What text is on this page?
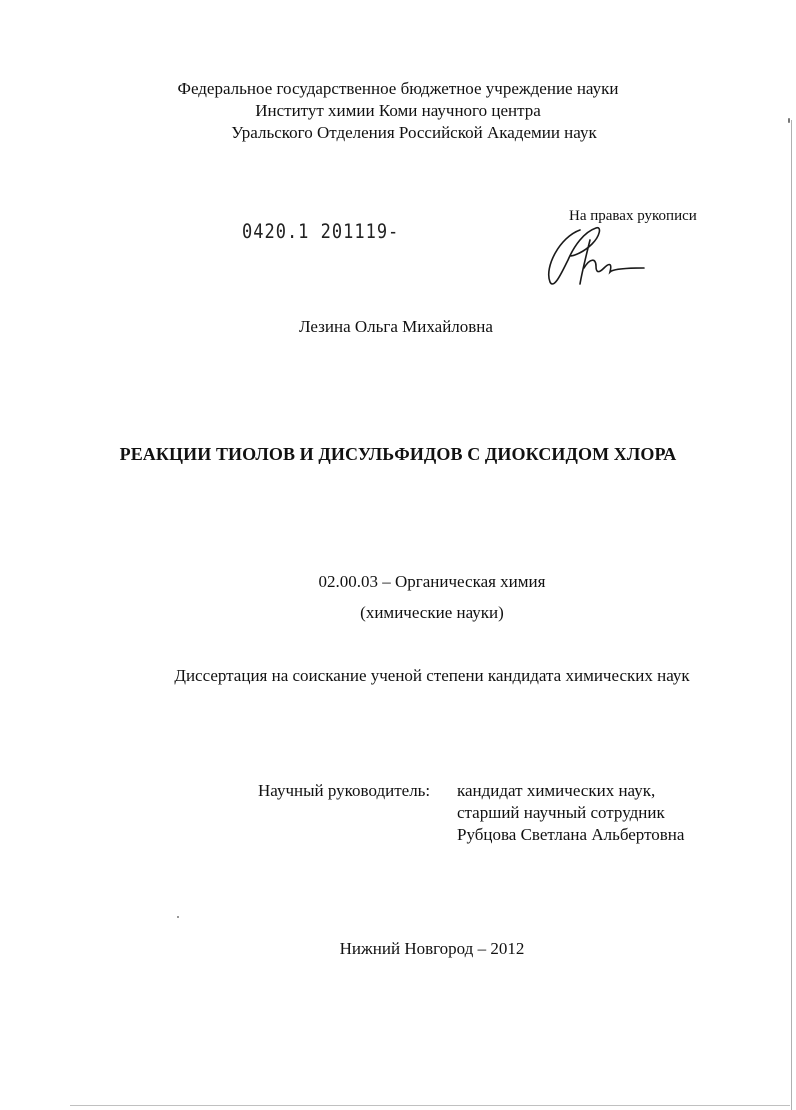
Федеральное государственное бюджетное учреждение науки
Институт химии Коми научного центра
Уральского Отделения Российской Академии наук
0420.1 201119-
На правах рукописи
Лезина Ольга Михайловна
РЕАКЦИИ ТИОЛОВ И ДИСУЛЬФИДОВ С ДИОКСИДОМ ХЛОРА
02.00.03 – Органическая химия
(химические науки)
Диссертация на соискание ученой степени кандидата химических наук
Научный руководитель: кандидат химических наук,
старший научный сотрудник
Рубцова Светлана Альбертовна
Нижний Новгород – 2012
